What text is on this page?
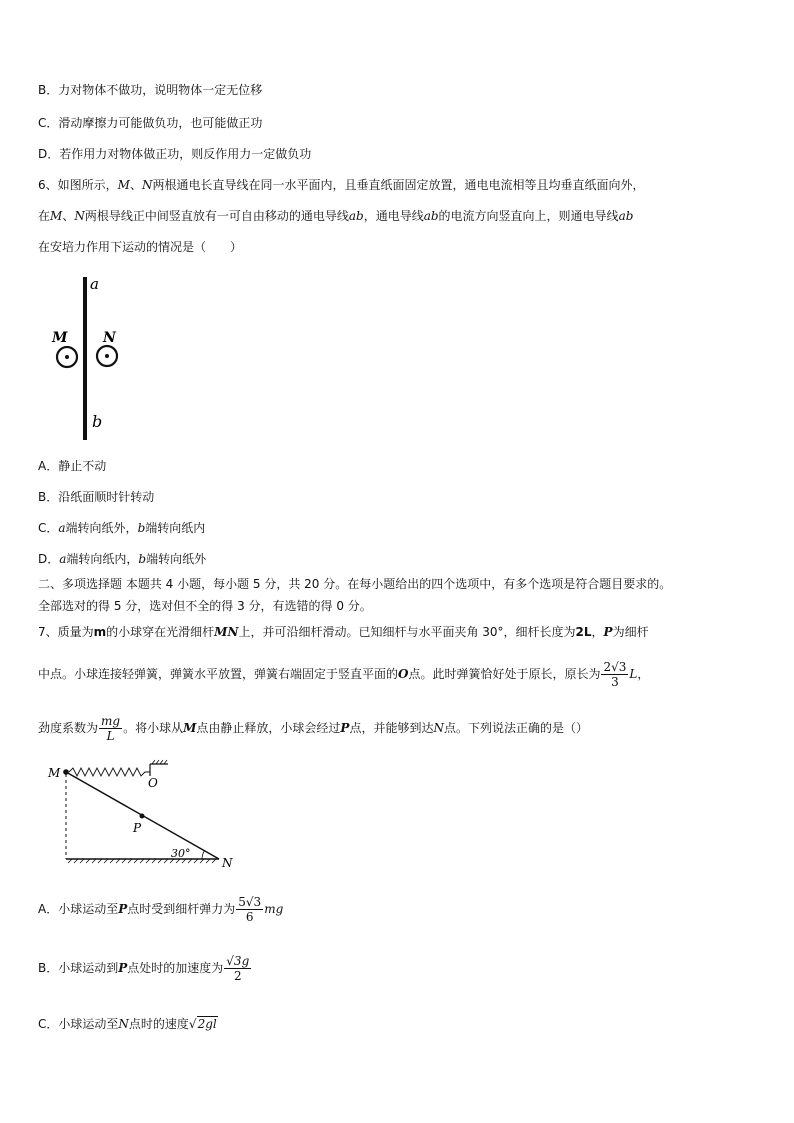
B．力对物体不做功，说明物体一定无位移
C．滑动摩擦力可能做负功，也可能做正功
D．若作用力对物体做正功，则反作用力一定做负功
6、如图所示，M、N两根通电长直导线在同一水平面内，且垂直纸面固定放置，通电电流相等且均垂直纸面向外，
在M、N两根导线正中间竖直放有一可自由移动的通电导线ab，通电导线ab的电流方向竖直向上，则通电导线ab
在安培力作用下运动的情况是（　　）
a
b
M	N
A．静止不动
B．沿纸面顺时针转动
C．a端转向纸外，b端转向纸内
D．a端转向纸内，b端转向纸外
二、多项选择题 本题共 4 小题，每小题 5 分，共 20 分。在每小题给出的四个选项中，有多个选项是符合题目要求的。
全部选对的得 5 分，选对但不全的得 3 分，有选错的得 0 分。
7、质量为m的小球穿在光滑细杆MN上，并可沿细杆滑动。已知细杆与水平面夹角 30°，细杆长度为2L，P为细杆
中点。小球连接轻弹簧，弹簧水平放置，弹簧右端固定于竖直平面的O点。此时弹簧恰好处于原长，原长为 $\frac{2√3}{3}$ L，
劲度系数为 $\frac{mg}{L}$ 。将小球从M点由静止释放，小球会经过P点，并能够到达N点。下列说法正确的是（）
M
O
P
N
30°
A．小球运动至P点时受到细杆弹力为 $\frac{5√3}{6}$ mg
B．小球运动到P点处时的加速度为 $\frac{√3g}{2}$
C．小球运动至N点时的速度√2gl
